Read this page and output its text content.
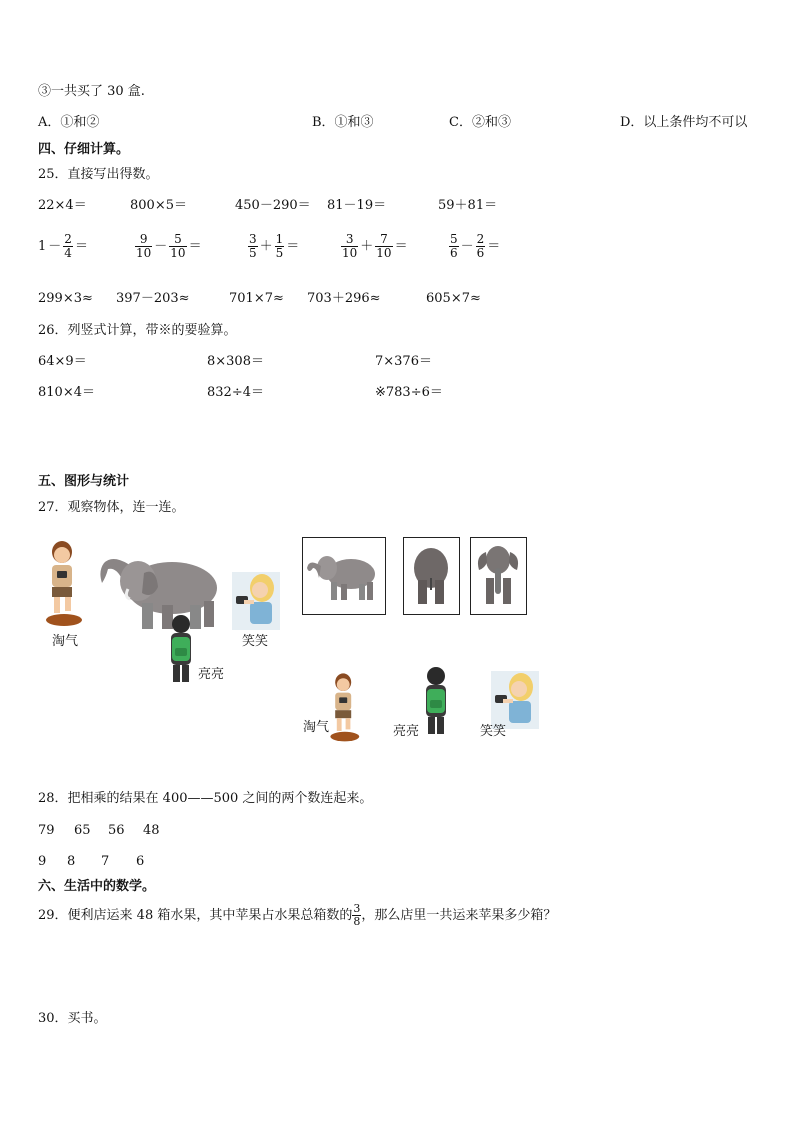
③一共买了 30 盒.
A．①和②	B．①和③	C．②和③	D．以上条件均不可以
四、仔细计算。
25．直接写出得数。
22×4＝	800×5＝	450－290＝ 81－19＝	59＋81＝
$1 - \frac{2}{4}$ ＝	$\frac{9}{10} - \frac{5}{10}$ ＝	$\frac{3}{5} + \frac{1}{5}$ ＝	$\frac{3}{10} + \frac{7}{10}$ ＝	$\frac{5}{6} - \frac{2}{6}$ ＝
299×3≈ 397－203≈	701×7≈ 703＋296≈	605×7≈
26．列竖式计算，带※的要验算。
64×9＝	8×308＝	7×376＝
810×4＝	832÷4＝	※783÷6＝
五、图形与统计
27．观察物体，连一连。
淘气
亮亮
笑笑
淘气	亮亮	笑笑
28．把相乘的结果在 400——500 之间的两个数连起来。
79 65 56 48
9 8 7 6
六、生活中的数学。
29．便利店运来 48 箱水果，其中苹果占水果总箱数的 $\frac{3}{8}$ ，那么店里一共运来苹果多少箱？
30．买书。
